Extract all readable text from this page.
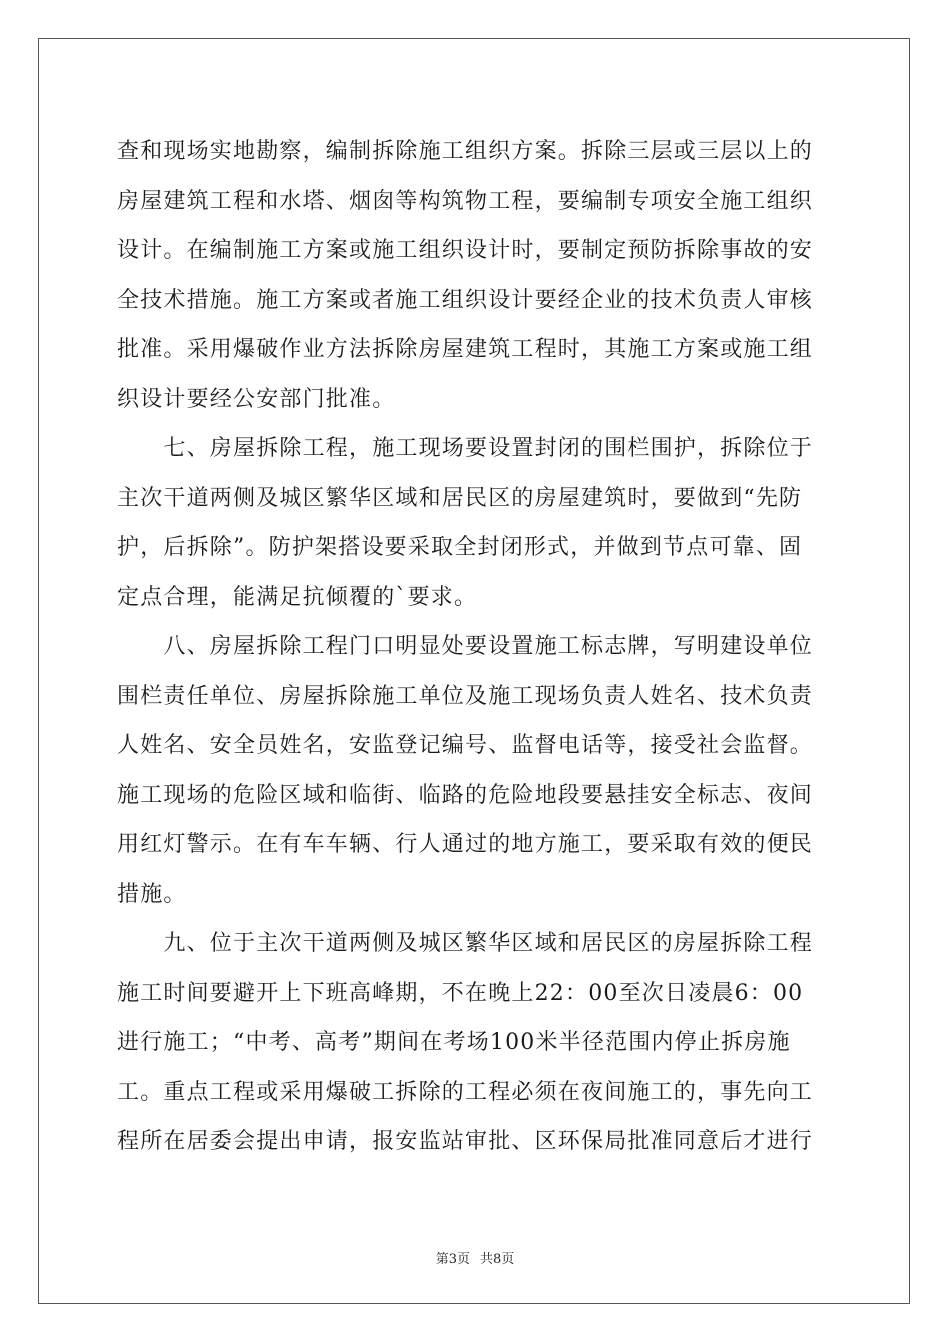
查和现场实地勘察，编制拆除施工组织方案。拆除三层或三层以上的
房屋建筑工程和水塔、烟囱等构筑物工程，要编制专项安全施工组织
设计。在编制施工方案或施工组织设计时，要制定预防拆除事故的安
全技术措施。施工方案或者施工组织设计要经企业的技术负责人审核
批准。采用爆破作业方法拆除房屋建筑工程时，其施工方案或施工组
织设计要经公安部门批准。
　　七、房屋拆除工程，施工现场要设置封闭的围栏围护，拆除位于
主次干道两侧及城区繁华区域和居民区的房屋建筑时，要做到“先防
护，后拆除”。防护架搭设要采取全封闭形式，并做到节点可靠、固
定点合理，能满足抗倾覆的`要求。
　　八、房屋拆除工程门口明显处要设置施工标志牌，写明建设单位
围栏责任单位、房屋拆除施工单位及施工现场负责人姓名、技术负责
人姓名、安全员姓名，安监登记编号、监督电话等，接受社会监督。
施工现场的危险区域和临街、临路的危险地段要悬挂安全标志、夜间
用红灯警示。在有车车辆、行人通过的地方施工，要采取有效的便民
措施。
　　九、位于主次干道两侧及城区繁华区域和居民区的房屋拆除工程
施工时间要避开上下班高峰期，不在晚上22：00至次日凌晨6：00
进行施工；“中考、高考”期间在考场100米半径范围内停止拆房施
工。重点工程或采用爆破工拆除的工程必须在夜间施工的，事先向工
程所在居委会提出申请，报安监站审批、区环保局批准同意后才进行
第3页 共8页
